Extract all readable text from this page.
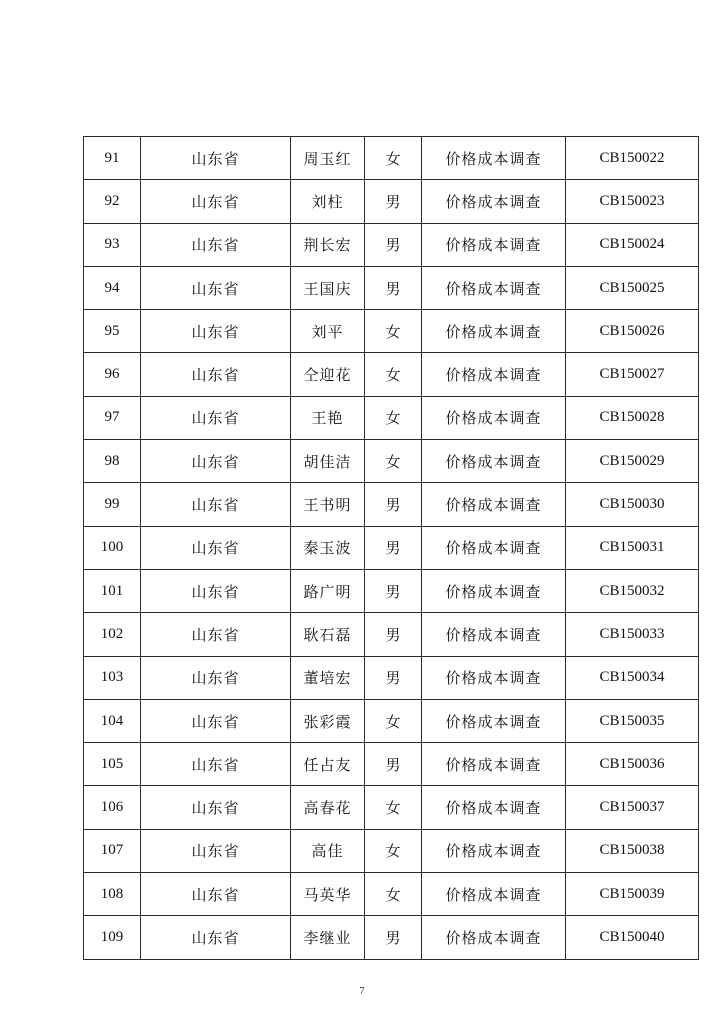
91	山东省	周玉红	女	价格成本调查	CB150022
92	山东省	刘柱	男	价格成本调查	CB150023
93	山东省	荆长宏	男	价格成本调查	CB150024
94	山东省	王国庆	男	价格成本调查	CB150025
95	山东省	刘平	女	价格成本调查	CB150026
96	山东省	仝迎花	女	价格成本调查	CB150027
97	山东省	王艳	女	价格成本调查	CB150028
98	山东省	胡佳洁	女	价格成本调查	CB150029
99	山东省	王书明	男	价格成本调查	CB150030
100	山东省	秦玉波	男	价格成本调查	CB150031
101	山东省	路广明	男	价格成本调查	CB150032
102	山东省	耿石磊	男	价格成本调查	CB150033
103	山东省	董培宏	男	价格成本调查	CB150034
104	山东省	张彩霞	女	价格成本调查	CB150035
105	山东省	任占友	男	价格成本调查	CB150036
106	山东省	高春花	女	价格成本调查	CB150037
107	山东省	高佳	女	价格成本调查	CB150038
108	山东省	马英华	女	价格成本调查	CB150039
109	山东省	李继业	男	价格成本调查	CB150040
7
